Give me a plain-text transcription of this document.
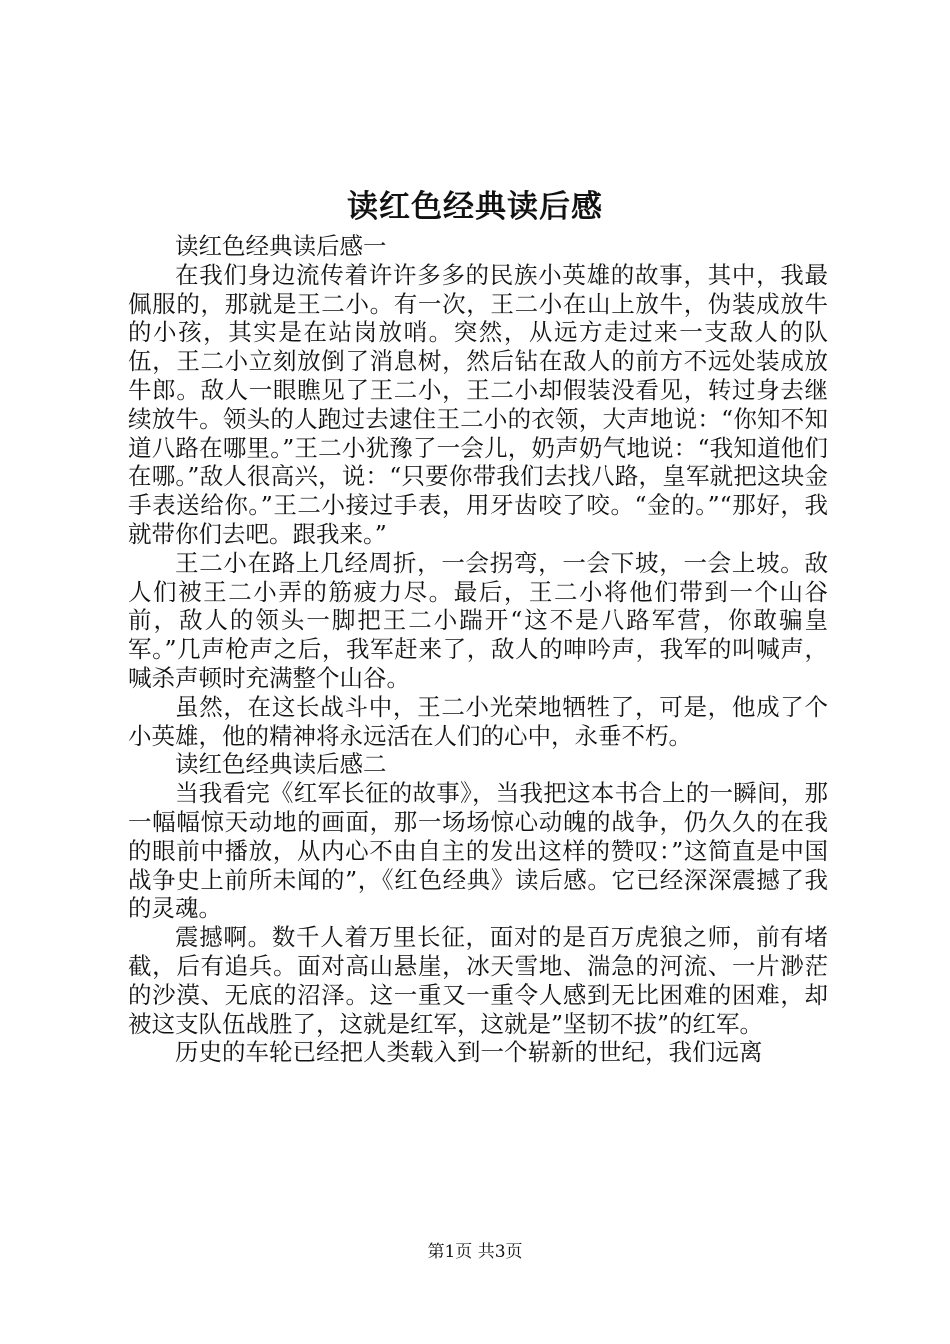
读红色经典读后感

读红色经典读后感一

在我们身边流传着许许多多的民族小英雄的故事，其中，我最佩服的，那就是王二小。有一次，王二小在山上放牛，伪装成放牛的小孩，其实是在站岗放哨。突然，从远方走过来一支敌人的队伍，王二小立刻放倒了消息树，然后钻在敌人的前方不远处装成放牛郎。敌人一眼瞧见了王二小，王二小却假装没看见，转过身去继续放牛。领头的人跑过去逮住王二小的衣领，大声地说：“你知不知道八路在哪里。”王二小犹豫了一会儿，奶声奶气地说：“我知道他们在哪。”敌人很高兴，说：“只要你带我们去找八路，皇军就把这块金手表送给你。”王二小接过手表，用牙齿咬了咬。“金的。”“那好，我就带你们去吧。跟我来。”

王二小在路上几经周折，一会拐弯，一会下坡，一会上坡。敌人们被王二小弄的筋疲力尽。最后，王二小将他们带到一个山谷前，敌人的领头一脚把王二小踹开“这不是八路军营，你敢骗皇军。”几声枪声之后，我军赶来了，敌人的呻吟声，我军的叫喊声，喊杀声顿时充满整个山谷。

虽然，在这长战斗中，王二小光荣地牺牲了，可是，他成了个小英雄，他的精神将永远活在人们的心中，永垂不朽。

读红色经典读后感二

当我看完《红军长征的故事》，当我把这本书合上的一瞬间，那一幅幅惊天动地的画面，那一场场惊心动魄的战争，仍久久的在我的眼前中播放，从内心不由自主的发出这样的赞叹：”这简直是中国战争史上前所未闻的”，《红色经典》读后感。它已经深深震撼了我的灵魂。

震撼啊。数千人着万里长征，面对的是百万虎狼之师，前有堵截，后有追兵。面对高山悬崖，冰天雪地、湍急的河流、一片渺茫的沙漠、无底的沼泽。这一重又一重令人感到无比困难的困难，却被这支队伍战胜了，这就是红军，这就是”坚韧不拔”的红军。

历史的车轮已经把人类载入到一个崭新的世纪，我们远离

第1页 共3页
